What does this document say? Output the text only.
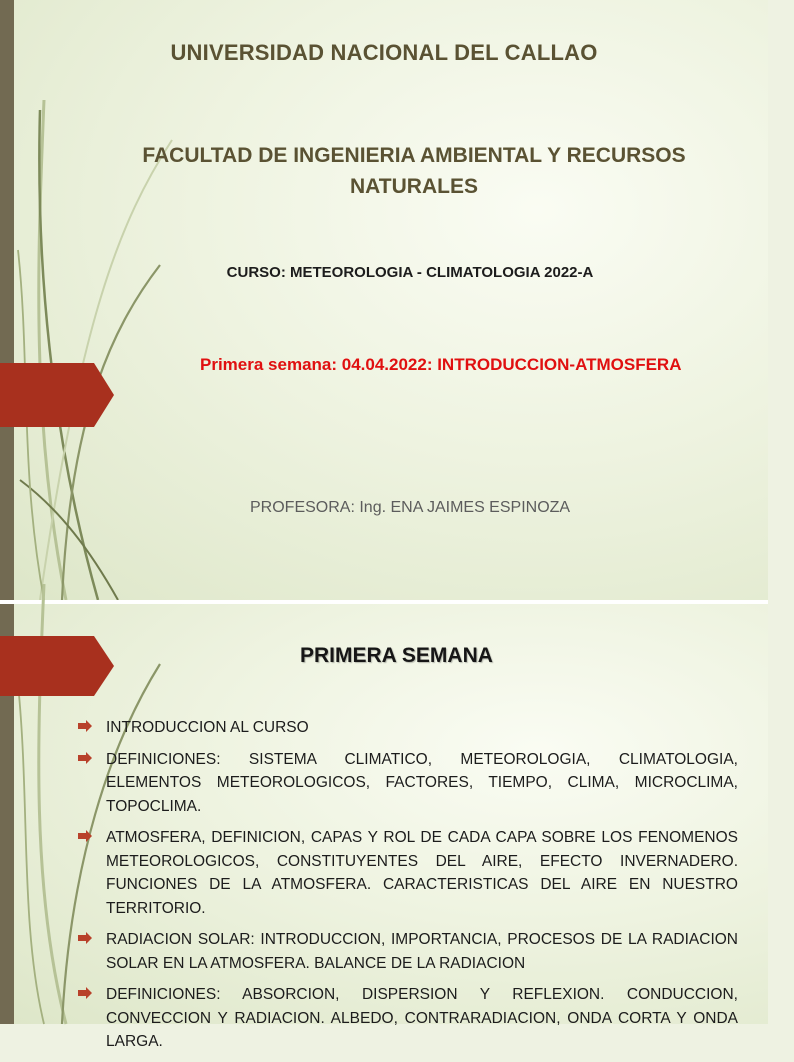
UNIVERSIDAD NACIONAL DEL CALLAO
FACULTAD DE INGENIERIA AMBIENTAL Y RECURSOS NATURALES
CURSO: METEOROLOGIA - CLIMATOLOGIA 2022-A
Primera semana: 04.04.2022: INTRODUCCION-ATMOSFERA
PROFESORA: Ing. ENA JAIMES ESPINOZA
PRIMERA SEMANA
INTRODUCCION AL CURSO
DEFINICIONES: SISTEMA CLIMATICO, METEOROLOGIA, CLIMATOLOGIA, ELEMENTOS METEOROLOGICOS, FACTORES, TIEMPO, CLIMA, MICROCLIMA, TOPOCLIMA.
ATMOSFERA, DEFINICION, CAPAS Y ROL DE CADA CAPA SOBRE LOS FENOMENOS METEOROLOGICOS, CONSTITUYENTES DEL AIRE, EFECTO INVERNADERO. FUNCIONES DE LA ATMOSFERA. CARACTERISTICAS DEL AIRE EN NUESTRO TERRITORIO.
RADIACION SOLAR: INTRODUCCION, IMPORTANCIA, PROCESOS DE LA RADIACION SOLAR EN LA ATMOSFERA. BALANCE DE LA RADIACION
DEFINICIONES: ABSORCION, DISPERSION Y REFLEXION. CONDUCCION, CONVECCION Y RADIACION. ALBEDO, CONTRARADIACION, ONDA CORTA Y ONDA LARGA.
